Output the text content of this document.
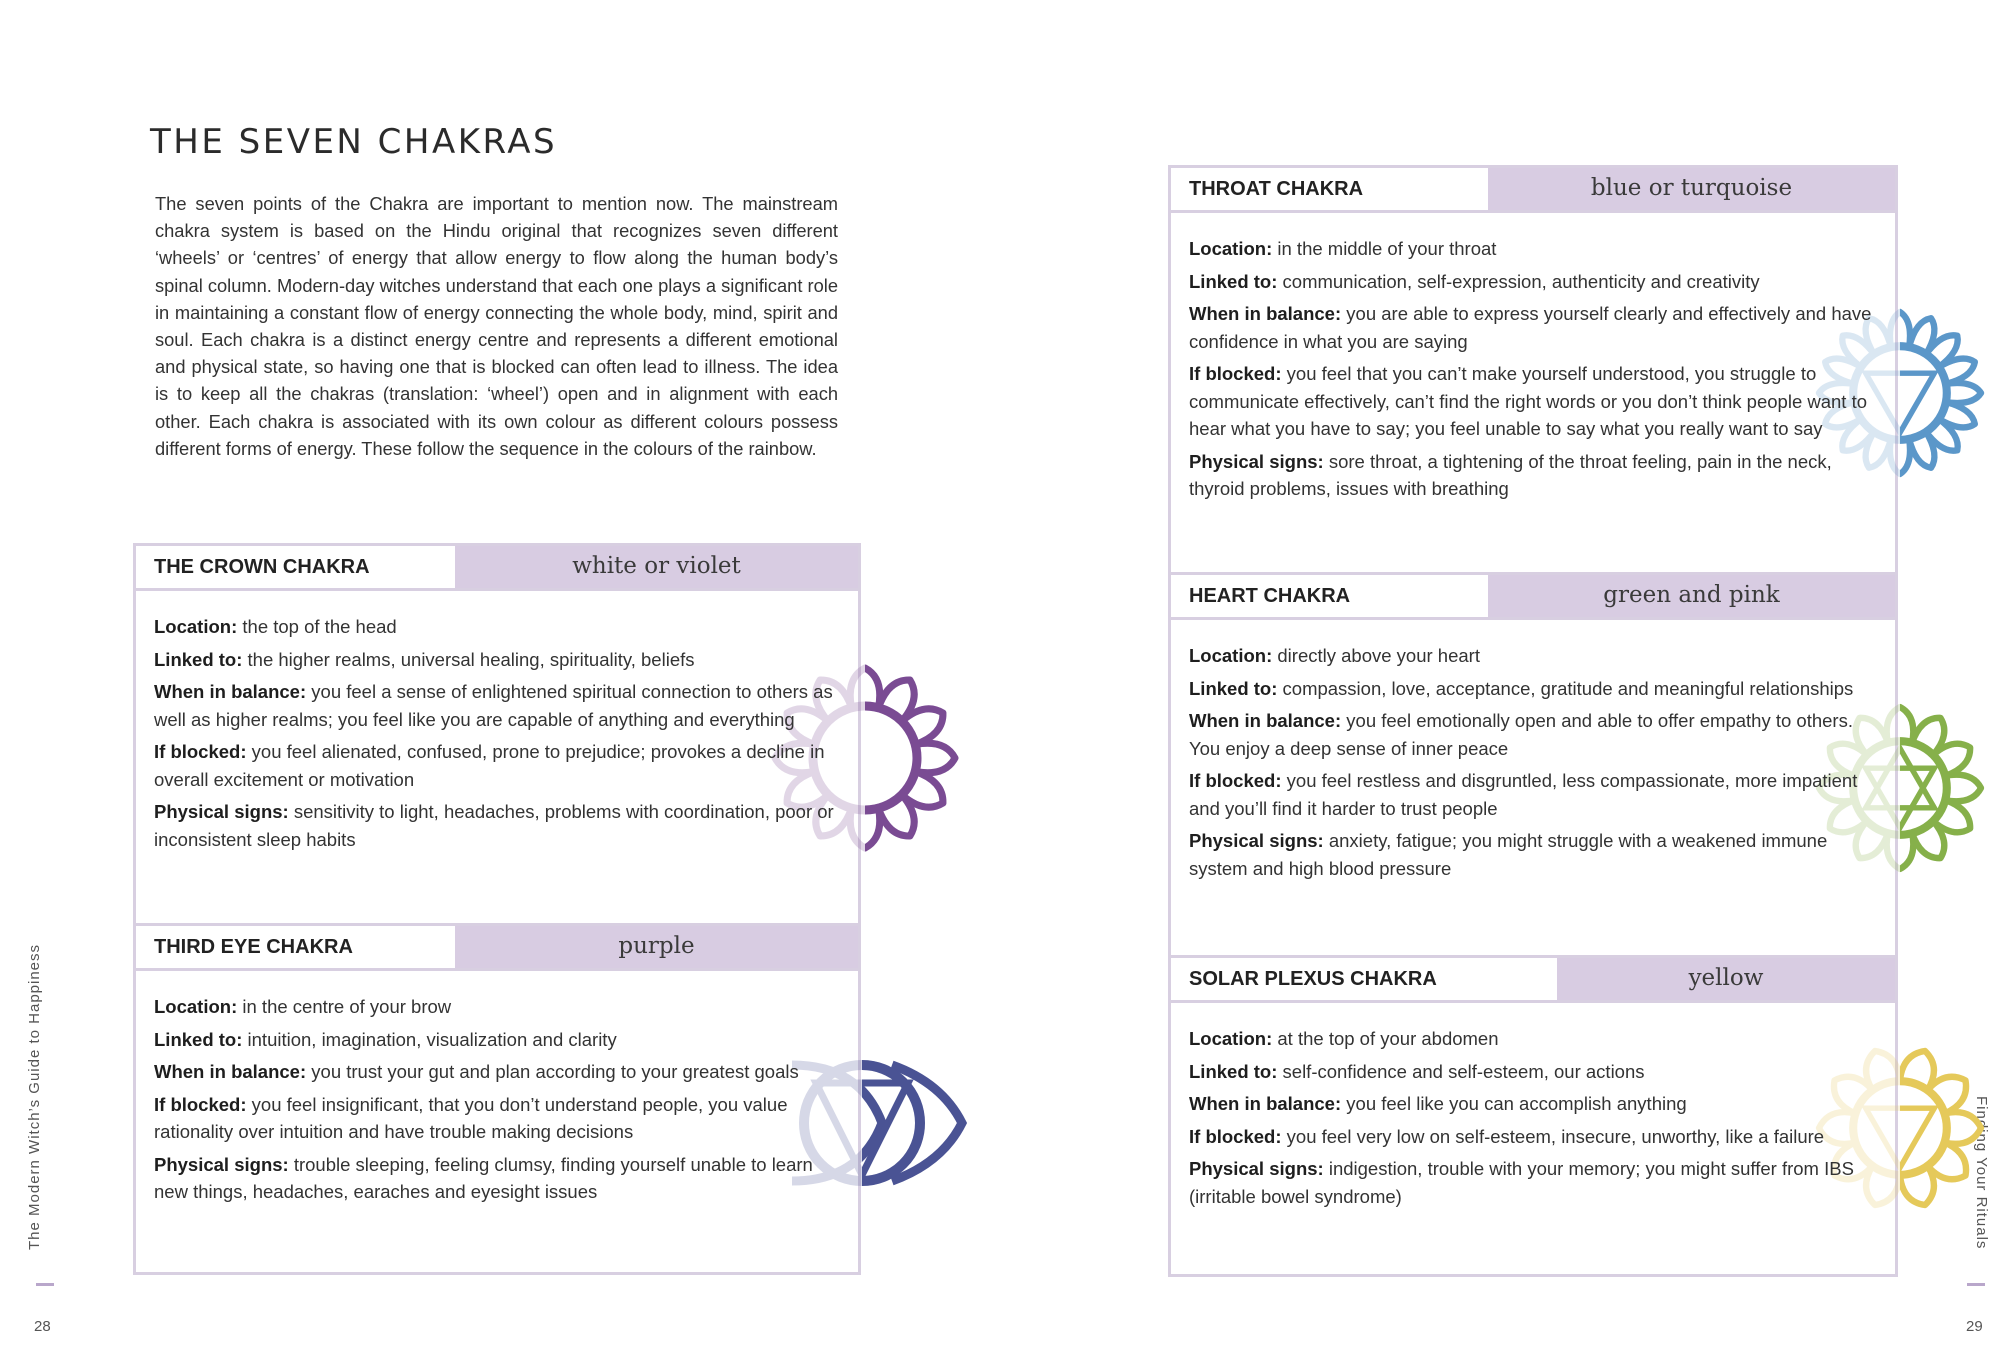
THE SEVEN CHAKRAS

The seven points of the Chakra are important to mention now. The mainstream chakra system is based on the Hindu original that recognizes seven different ‘wheels’ or ‘centres’ of energy that allow energy to flow along the human body’s spinal column. Modern-day witches understand that each one plays a significant role in maintaining a constant flow of energy connecting the whole body, mind, spirit and soul. Each chakra is a distinct energy centre and represents a different emotional and physical state, so having one that is blocked can often lead to illness. The idea is to keep all the chakras (translation: ‘wheel’) open and in alignment with each other. Each chakra is associated with its own colour as different colours possess different forms of energy. These follow the sequence in the colours of the rainbow.

THE CROWN CHAKRA	white or violet

Location: the top of the head

Linked to: the higher realms, universal healing, spirituality, beliefs

When in balance: you feel a sense of enlightened spiritual connection to others as well as higher realms; you feel like you are capable of anything and everything

If blocked: you feel alienated, confused, prone to prejudice; provokes a decline in overall excitement or motivation

Physical signs: sensitivity to light, headaches, problems with coordination, poor or inconsistent sleep habits

THIRD EYE CHAKRA	purple

Location: in the centre of your brow

Linked to: intuition, imagination, visualization and clarity

When in balance: you trust your gut and plan according to your greatest goals

If blocked: you feel insignificant, that you don’t understand people, you value rationality over intuition and have trouble making decisions

Physical signs: trouble sleeping, feeling clumsy, finding yourself unable to learn new things, headaches, earaches and eyesight issues

THROAT CHAKRA	blue or turquoise

Location: in the middle of your throat

Linked to: communication, self-expression, authenticity and creativity

When in balance: you are able to express yourself clearly and effectively and have confidence in what you are saying

If blocked: you feel that you can’t make yourself understood, you struggle to communicate effectively, can’t find the right words or you don’t think people want to hear what you have to say; you feel unable to say what you really want to say

Physical signs: sore throat, a tightening of the throat feeling, pain in the neck, thyroid problems, issues with breathing

HEART CHAKRA	green and pink

Location: directly above your heart

Linked to: compassion, love, acceptance, gratitude and meaningful relationships

When in balance: you feel emotionally open and able to offer empathy to others. You enjoy a deep sense of inner peace

If blocked: you feel restless and disgruntled, less compassionate, more impatient and you’ll find it harder to trust people

Physical signs: anxiety, fatigue; you might struggle with a weakened immune system and high blood pressure

SOLAR PLEXUS CHAKRA	yellow

Location: at the top of your abdomen

Linked to: self-confidence and self-esteem, our actions

When in balance: you feel like you can accomplish anything

If blocked: you feel very low on self-esteem, insecure, unworthy, like a failure

Physical signs: indigestion, trouble with your memory; you might suffer from IBS (irritable bowel syndrome)

The Modern Witch’s Guide to Happiness
28
Finding Your Rituals
29
